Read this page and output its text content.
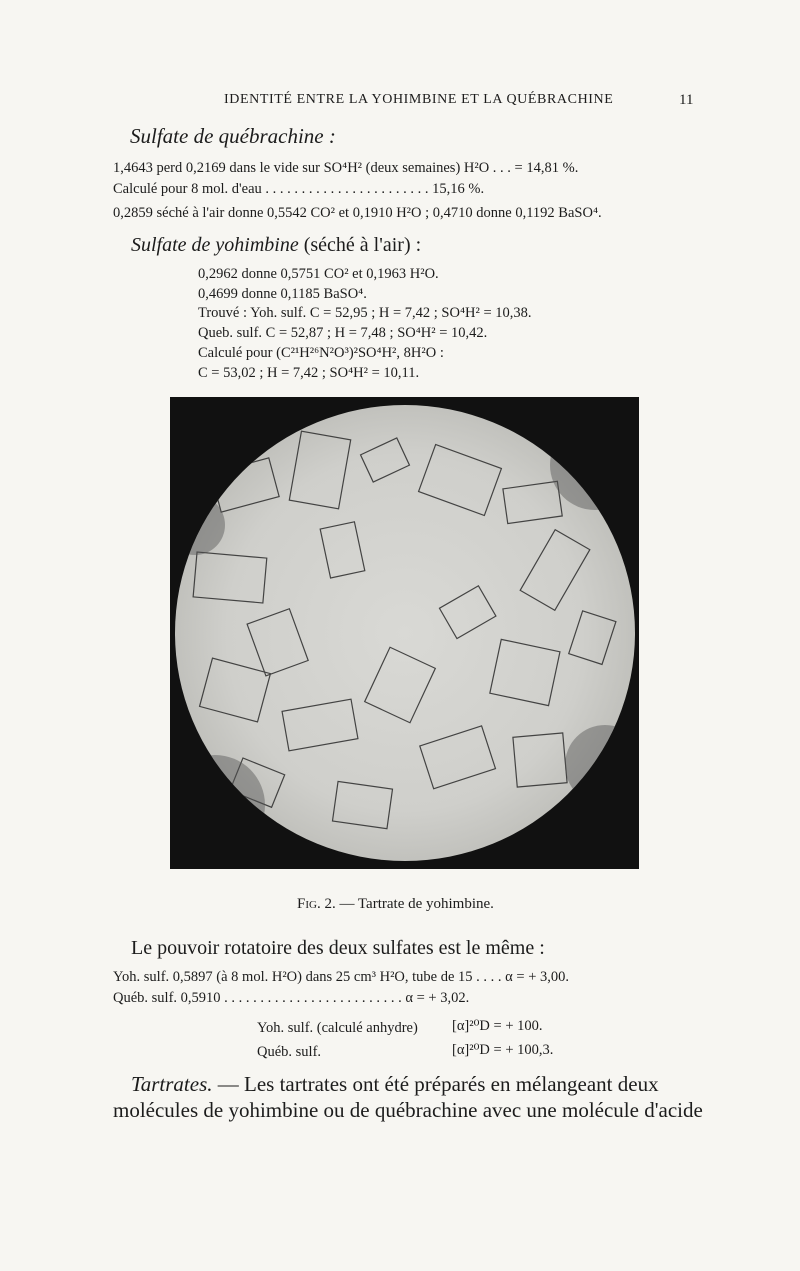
IDENTITÉ ENTRE LA YOHIMBINE ET LA QUÉBRACHINE	11
Sulfate de québrachine :
1,4643 perd 0,2169 dans le vide sur SO⁴H² (deux semaines) H²O . . . = 14,81 %.
Calculé pour 8 mol. d'eau . . . . . . . . . . . . . . . . . . . . . . . 15,16 %.
0,2859 séché à l'air donne 0,5542 CO² et 0,1910 H²O ; 0,4710 donne 0,1192 BaSO⁴.
Sulfate de yohimbine (séché à l'air) :
0,2962 donne 0,5751 CO² et 0,1963 H²O.
0,4699 donne 0,1185 BaSO⁴.
Trouvé : Yoh. sulf. C = 52,95 ; H = 7,42 ; SO⁴H² = 10,38.
Queb. sulf. C = 52,87 ; H = 7,48 ; SO⁴H² = 10,42.
Calculé pour (C²¹H²⁶N²O³)²SO⁴H², 8H²O :
C = 53,02 ; H = 7,42 ; SO⁴H² = 10,11.
Fig. 2. — Tartrate de yohimbine.
Le pouvoir rotatoire des deux sulfates est le même :
Yoh. sulf. 0,5897 (à 8 mol. H²O) dans 25 cm³ H²O, tube de 15 . . . . α = + 3,00.
Québ. sulf. 0,5910 . . . . . . . . . . . . . . . . . . . . . . . . . α = + 3,02.
Yoh. sulf. (calculé anhydre) [α]²⁰D = + 100.
Québ. sulf.	[α]²⁰D = + 100,3.
Tartrates. — Les tartrates ont été préparés en mélangeant deux
molécules de yohimbine ou de québrachine avec une molécule d'acide
